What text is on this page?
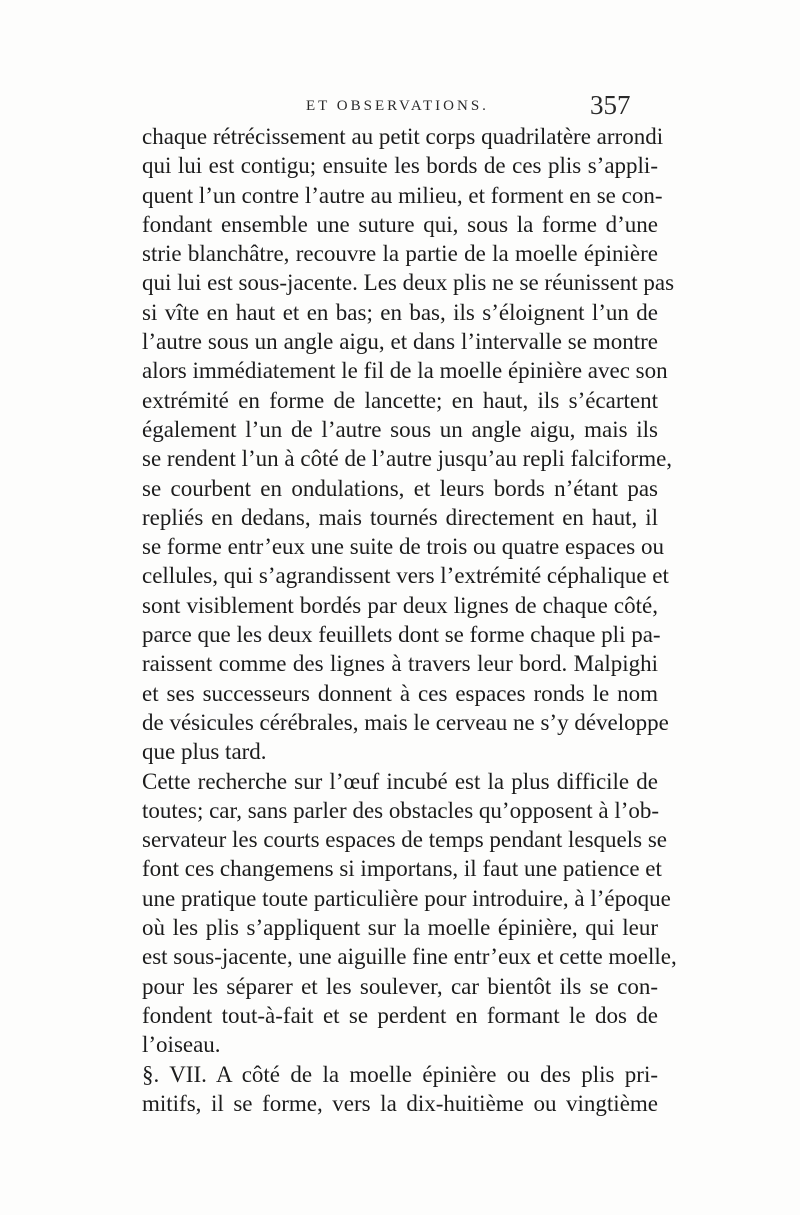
ET OBSERVATIONS.	357
chaque rétrécissement au petit corps quadrilatère arrondi
qui lui est contigu; ensuite les bords de ces plis s’appli-
quent l’un contre l’autre au milieu, et forment en se con-
fondant ensemble une suture qui, sous la forme d’une
strie blanchâtre, recouvre la partie de la moelle épinière
qui lui est sous-jacente. Les deux plis ne se réunissent pas
si vîte en haut et en bas; en bas, ils s’éloignent l’un de
l’autre sous un angle aigu, et dans l’intervalle se montre
alors immédiatement le fil de la moelle épinière avec son
extrémité en forme de lancette; en haut, ils s’écartent
également l’un de l’autre sous un angle aigu, mais ils
se rendent l’un à côté de l’autre jusqu’au repli falciforme,
se courbent en ondulations, et leurs bords n’étant pas
repliés en dedans, mais tournés directement en haut, il
se forme entr’eux une suite de trois ou quatre espaces ou
cellules, qui s’agrandissent vers l’extrémité céphalique et
sont visiblement bordés par deux lignes de chaque côté,
parce que les deux feuillets dont se forme chaque pli pa-
raissent comme des lignes à travers leur bord. Malpighi
et ses successeurs donnent à ces espaces ronds le nom
de vésicules cérébrales, mais le cerveau ne s’y développe
que plus tard.
Cette recherche sur l’œuf incubé est la plus difficile de
toutes; car, sans parler des obstacles qu’opposent à l’ob-
servateur les courts espaces de temps pendant lesquels se
font ces changemens si importans, il faut une patience et
une pratique toute particulière pour introduire, à l’époque
où les plis s’appliquent sur la moelle épinière, qui leur
est sous-jacente, une aiguille fine entr’eux et cette moelle,
pour les séparer et les soulever, car bientôt ils se con-
fondent tout-à-fait et se perdent en formant le dos de
l’oiseau.
§. VII. A côté de la moelle épinière ou des plis pri-
mitifs, il se forme, vers la dix-huitième ou vingtième
